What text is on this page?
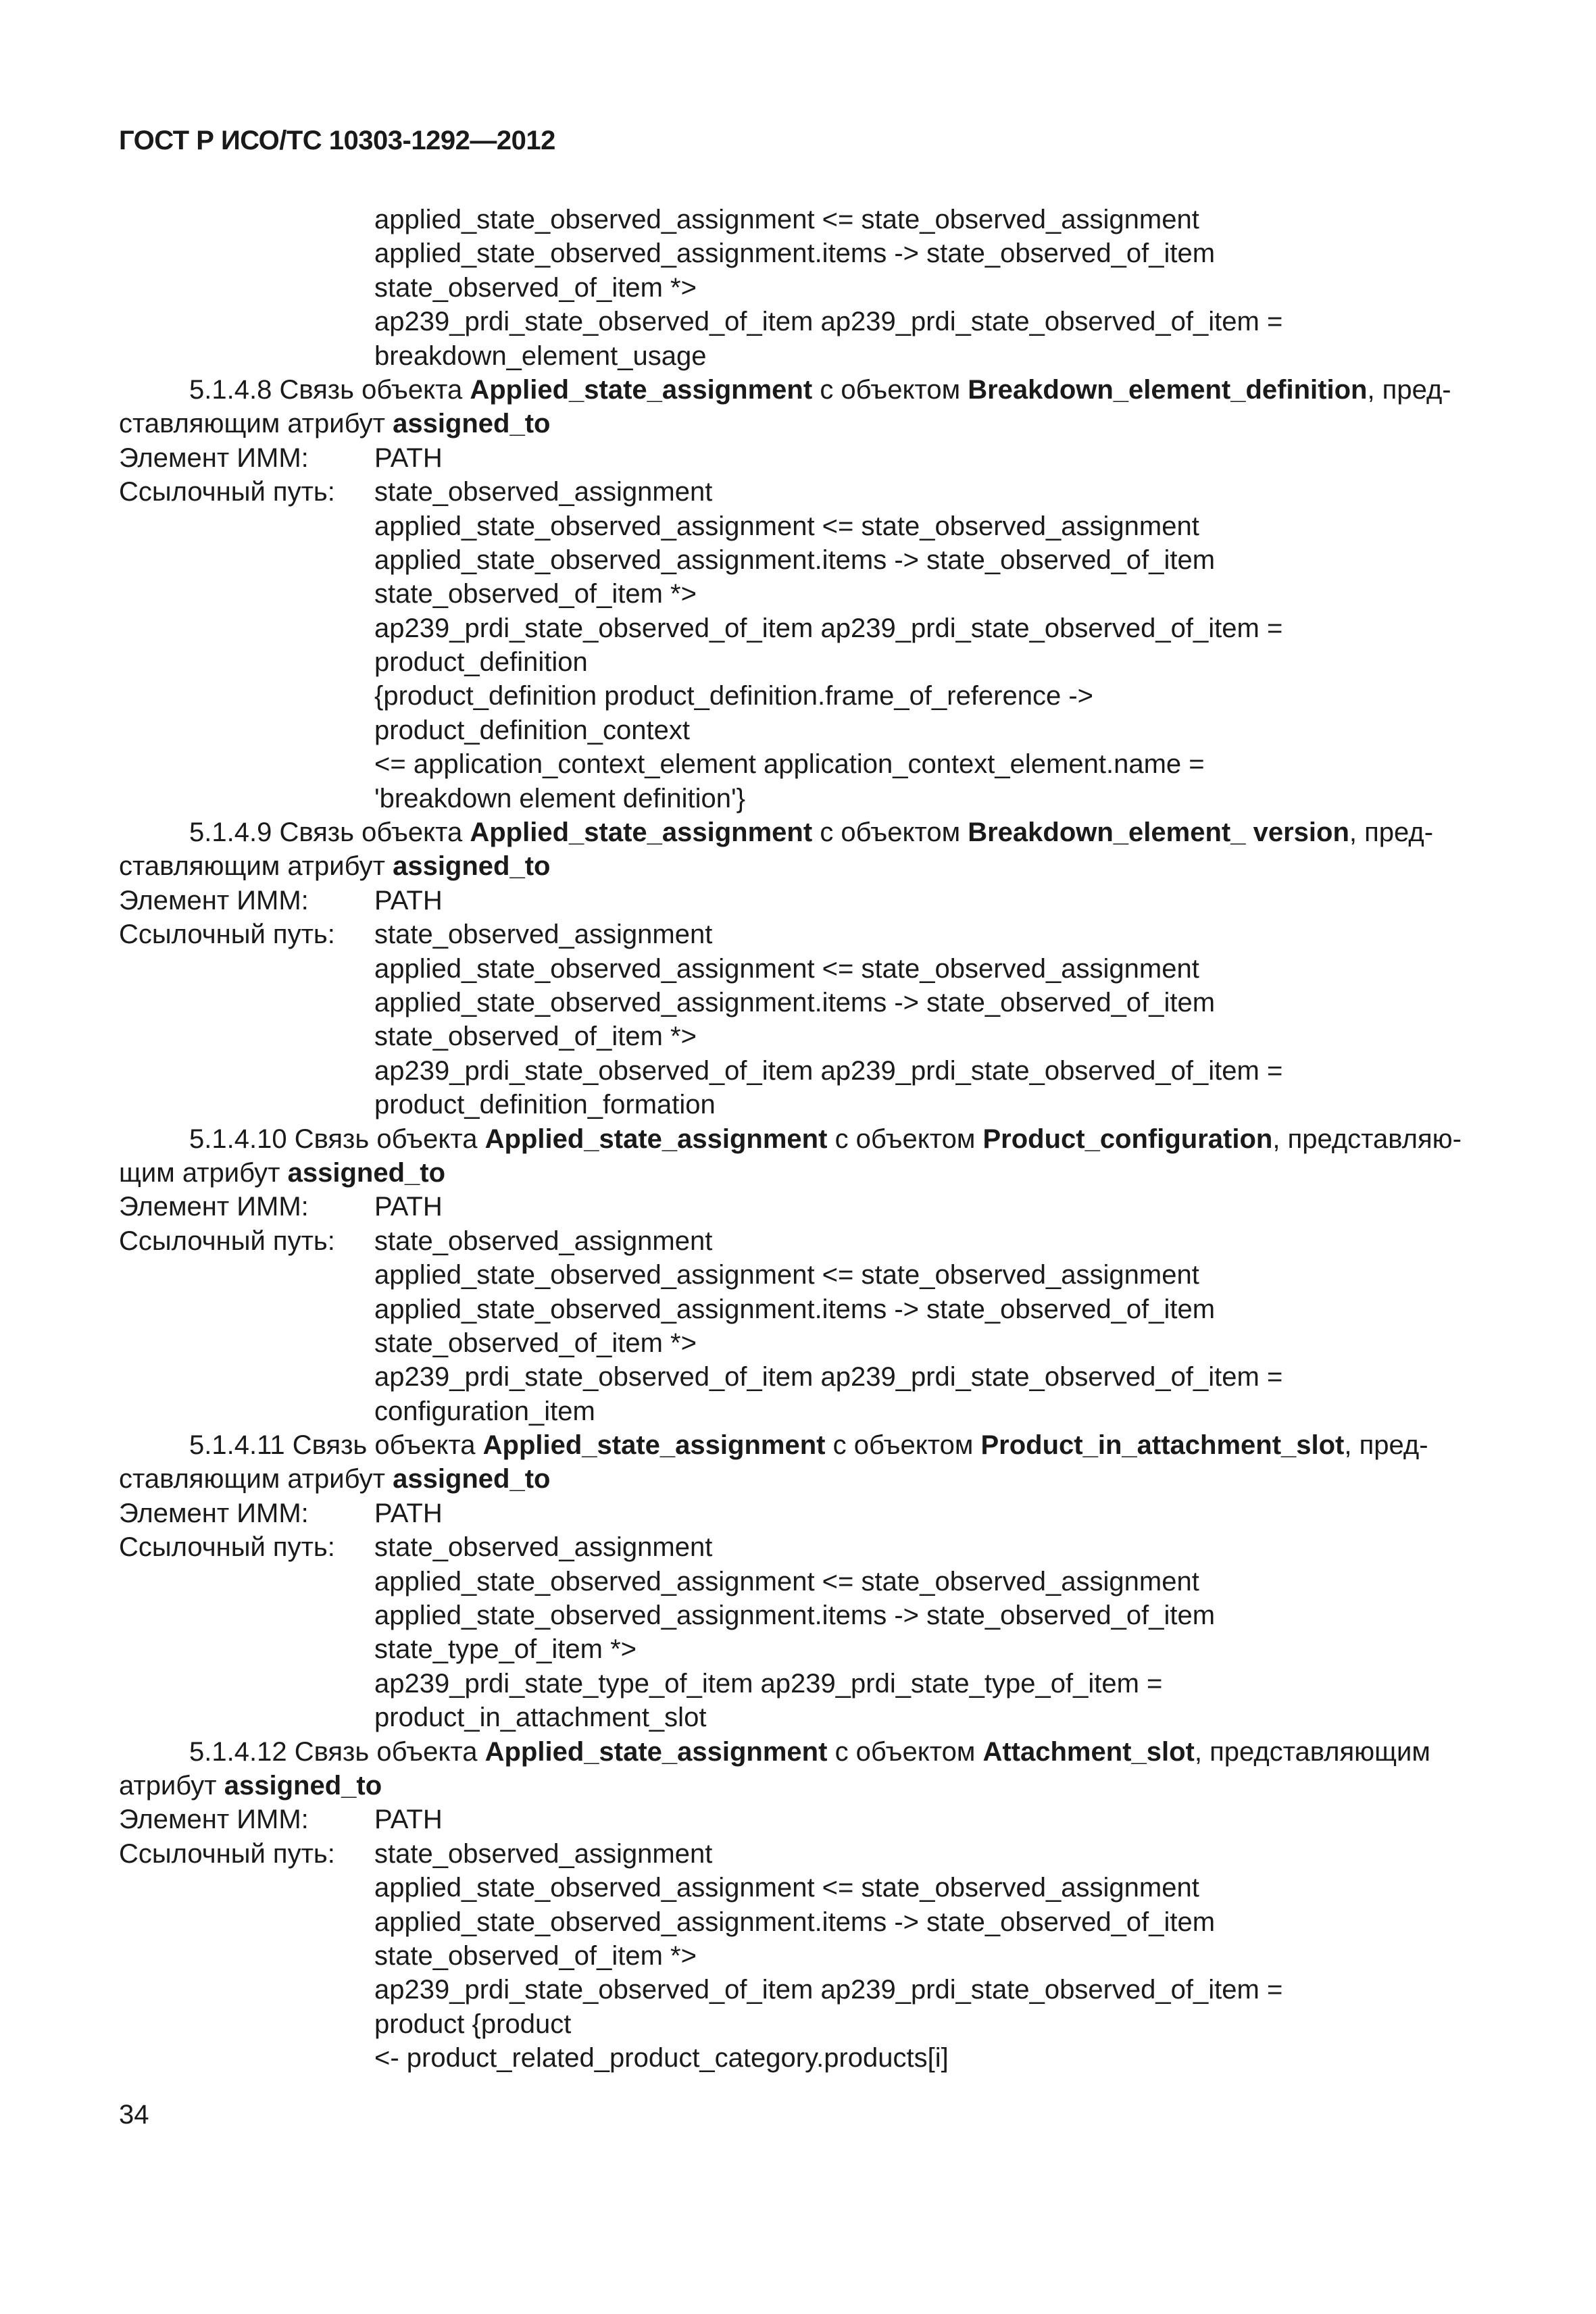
ГОСТ Р ИСО/ТС 10303-1292—2012
applied_state_observed_assignment <= state_observed_assignment
applied_state_observed_assignment.items -> state_observed_of_item
state_observed_of_item *>
ap239_prdi_state_observed_of_item ap239_prdi_state_observed_of_item =
breakdown_element_usage
5.1.4.8 Связь объекта Applied_state_assignment с объектом Breakdown_element_definition, пред-
ставляющим атрибут assigned_to
Элемент ИММ: PATH
Ссылочный путь: state_observed_assignment
applied_state_observed_assignment <= state_observed_assignment
applied_state_observed_assignment.items -> state_observed_of_item
state_observed_of_item *>
ap239_prdi_state_observed_of_item ap239_prdi_state_observed_of_item =
product_definition
{product_definition product_definition.frame_of_reference ->
product_definition_context
<= application_context_element application_context_element.name =
'breakdown element definition'}
5.1.4.9 Связь объекта Applied_state_assignment с объектом Breakdown_element_ version, пред-
ставляющим атрибут assigned_to
Элемент ИММ: PATH
Ссылочный путь: state_observed_assignment
applied_state_observed_assignment <= state_observed_assignment
applied_state_observed_assignment.items -> state_observed_of_item
state_observed_of_item *>
ap239_prdi_state_observed_of_item ap239_prdi_state_observed_of_item =
product_definition_formation
5.1.4.10 Связь объекта Applied_state_assignment с объектом Product_configuration, представляю-
щим атрибут assigned_to
Элемент ИММ: PATH
Ссылочный путь: state_observed_assignment
applied_state_observed_assignment <= state_observed_assignment
applied_state_observed_assignment.items -> state_observed_of_item
state_observed_of_item *>
ap239_prdi_state_observed_of_item ap239_prdi_state_observed_of_item =
configuration_item
5.1.4.11 Связь объекта Applied_state_assignment с объектом Product_in_attachment_slot, пред-
ставляющим атрибут assigned_to
Элемент ИММ: PATH
Ссылочный путь: state_observed_assignment
applied_state_observed_assignment <= state_observed_assignment
applied_state_observed_assignment.items -> state_observed_of_item
state_type_of_item *>
ap239_prdi_state_type_of_item ap239_prdi_state_type_of_item =
product_in_attachment_slot
5.1.4.12 Связь объекта Applied_state_assignment с объектом Attachment_slot, представляющим
атрибут assigned_to
Элемент ИММ: PATH
Ссылочный путь: state_observed_assignment
applied_state_observed_assignment <= state_observed_assignment
applied_state_observed_assignment.items -> state_observed_of_item
state_observed_of_item *>
ap239_prdi_state_observed_of_item ap239_prdi_state_observed_of_item =
product {product
<- product_related_product_category.products[i]
34
